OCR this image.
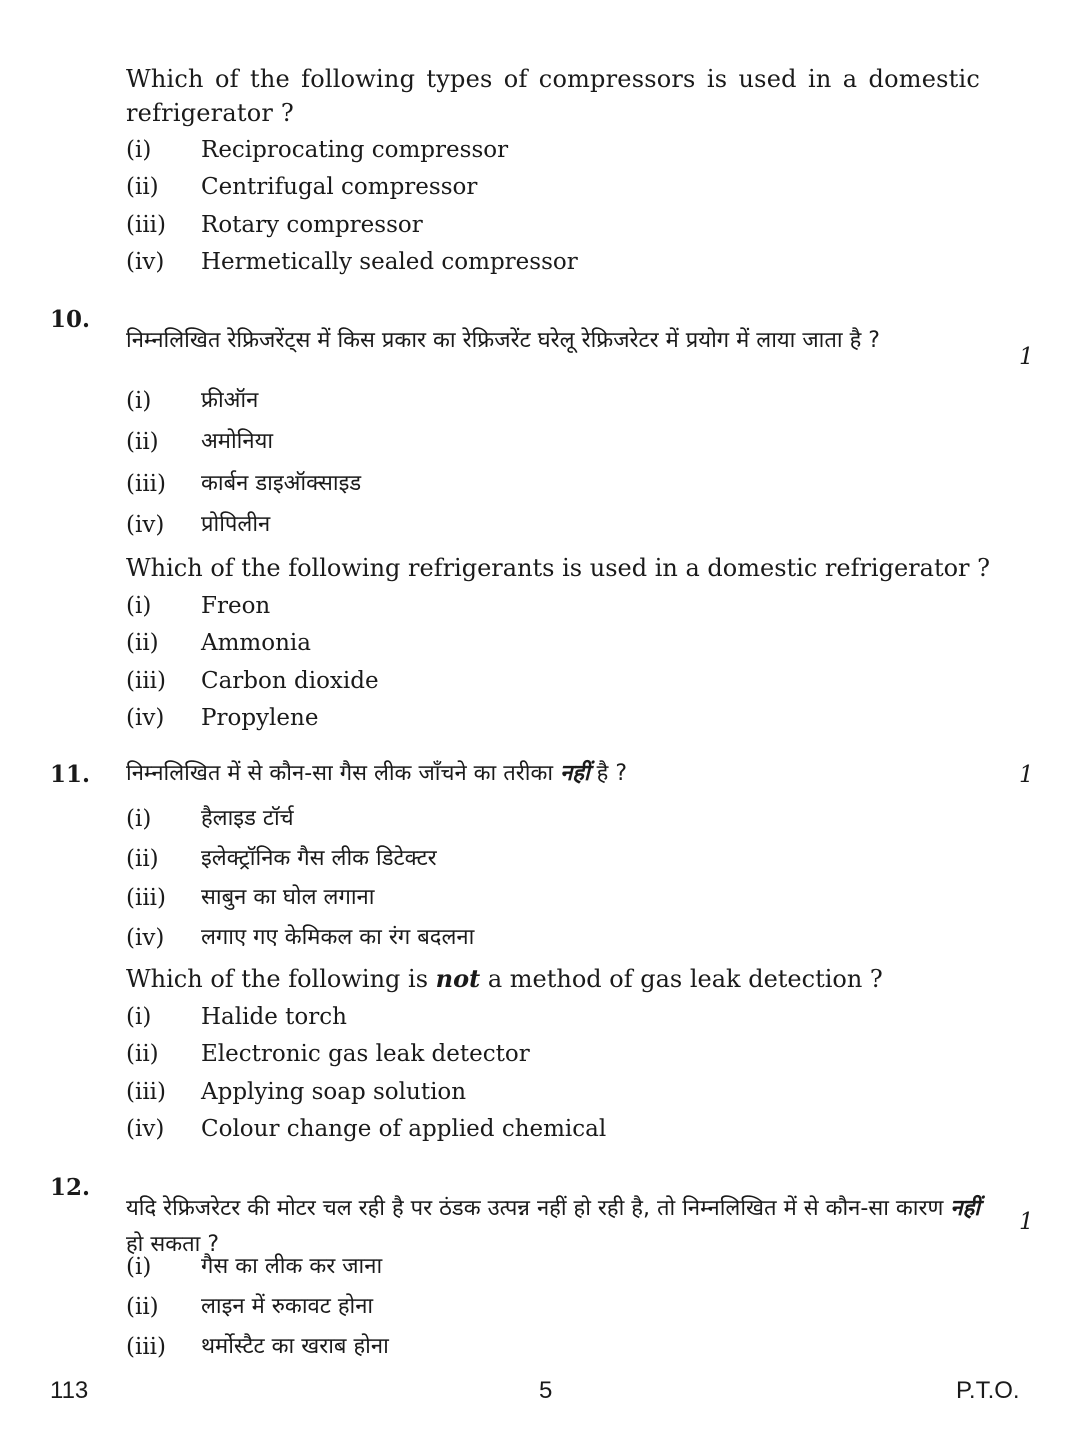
Which of the following types of compressors is used in a domestic refrigerator ?

(i)	Reciprocating compressor
(ii)	Centrifugal compressor
(iii)	Rotary compressor
(iv)	Hermetically sealed compressor
10.

निम्नलिखित रेफ्रिजरेंट्स में किस प्रकार का रेफ्रिजरेंट घरेलू रेफ्रिजरेटर में प्रयोग में लाया जाता है ?

1
(i)	फ्रीऑन
(ii)	अमोनिया
(iii)	कार्बन डाइऑक्साइड
(iv)	प्रोपिलीन
Which of the following refrigerants is used in a domestic refrigerator ?
(i)	Freon
(ii)	Ammonia
(iii)	Carbon dioxide
(iv)	Propylene
11. निम्नलिखित में से कौन-सा गैस लीक जाँचने का तरीका नहीं है ?	1
(i)	हैलाइड टॉर्च
(ii)	इलेक्ट्रॉनिक गैस लीक डिटेक्टर
(iii)	साबुन का घोल लगाना
(iv)	लगाए गए केमिकल का रंग बदलना
Which of the following is not a method of gas leak detection ?
(i)	Halide torch
(ii)	Electronic gas leak detector
(iii)	Applying soap solution
(iv)	Colour change of applied chemical
12.

यदि रेफ्रिजरेटर की मोटर चल रही है पर ठंडक उत्पन्न नहीं हो रही है, तो निम्नलिखित में से कौन-सा कारण नहीं हो सकता ?

1
(i)	गैस का लीक कर जाना
(ii)	लाइन में रुकावट होना
(iii)	थर्मोस्टैट का खराब होना
113	5	P.T.O.
